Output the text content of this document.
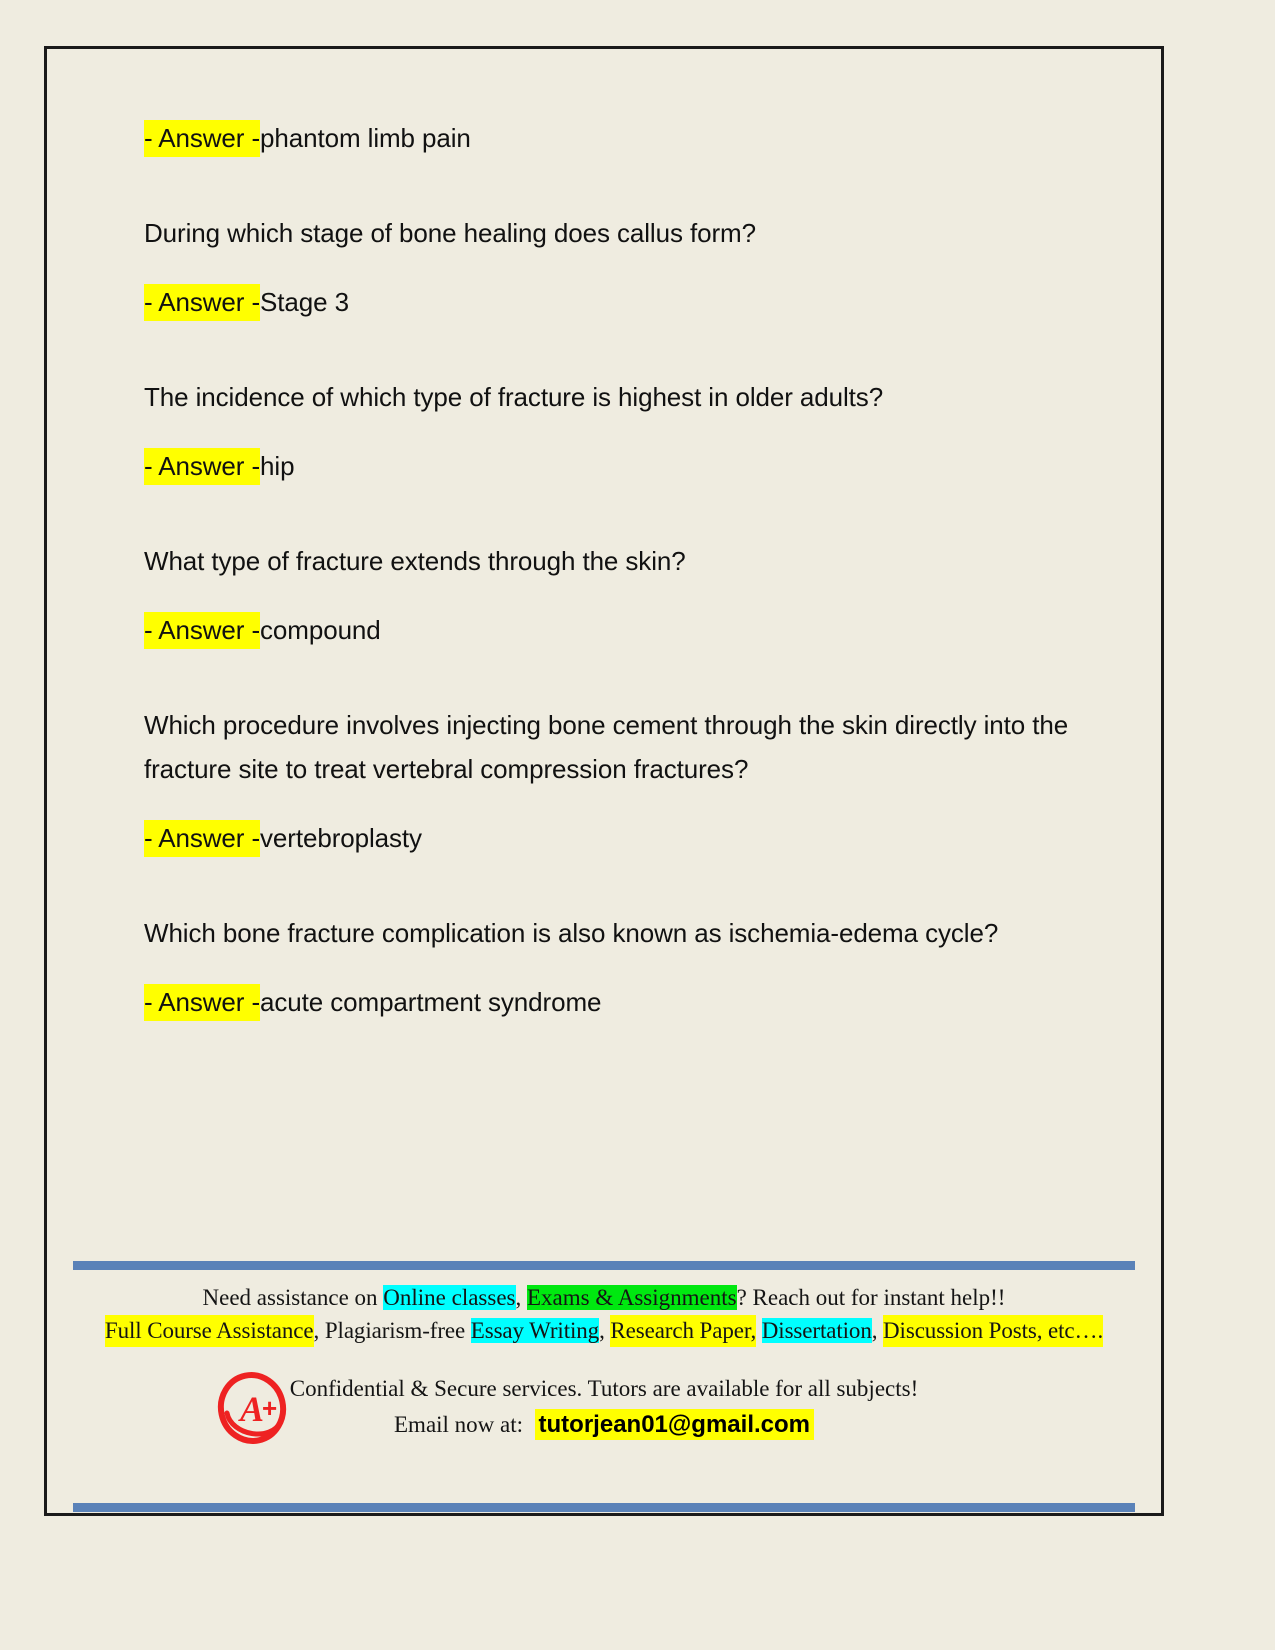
- Answer -phantom limb pain

During which stage of bone healing does callus form?

- Answer -Stage 3

The incidence of which type of fracture is highest in older adults?

- Answer -hip

What type of fracture extends through the skin?

- Answer -compound

Which procedure involves injecting bone cement through the skin directly into the fracture site to treat vertebral compression fractures?

- Answer -vertebroplasty

Which bone fracture complication is also known as ischemia-edema cycle?

- Answer -acute compartment syndrome

Need assistance on Online classes, Exams & Assignments? Reach out for instant help!!
Full Course Assistance, Plagiarism-free Essay Writing, Research Paper, Dissertation, Discussion Posts, etc….
A
+
Confidential & Secure services. Tutors are available for all subjects!
Email now at: tutorjean01@gmail.com
